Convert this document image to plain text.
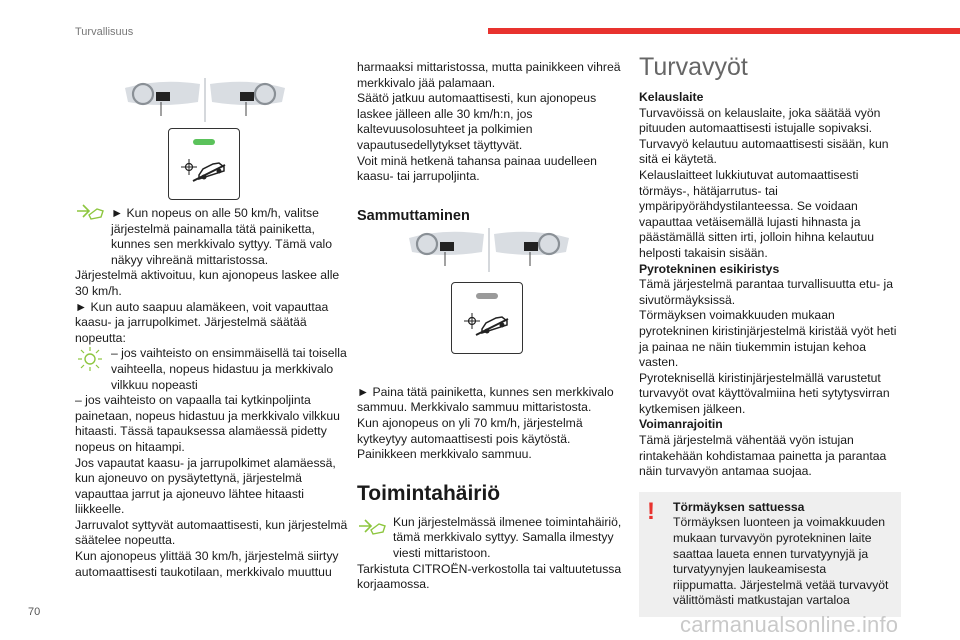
Turvallisuus
► Kun nopeus on alle 50 km/h, valitse järjestelmä painamalla tätä painiketta, kunnes sen merkkivalo syttyy. Tämä valo näkyy vihreänä mittaristossa.
Järjestelmä aktivoituu, kun ajonopeus laskee alle 30 km/h.
► Kun auto saapuu alamäkeen, voit vapauttaa kaasu- ja jarrupolkimet. Järjestelmä säätää nopeutta:
– jos vaihteisto on ensimmäisellä tai toisella vaihteella, nopeus hidastuu ja merkkivalo vilkkuu nopeasti
– jos vaihteisto on vapaalla tai kytkinpoljinta painetaan, nopeus hidastuu ja merkkivalo vilkkuu hitaasti. Tässä tapauksessa alamäessä pidetty nopeus on hitaampi.
Jos vapautat kaasu- ja jarrupolkimet alamäessä, kun ajoneuvo on pysäytettynä, järjestelmä vapauttaa jarrut ja ajoneuvo lähtee hitaasti liikkeelle.
Jarruvalot syttyvät automaattisesti, kun järjestelmä säätelee nopeutta.
Kun ajonopeus ylittää 30 km/h, järjestelmä siirtyy automaattisesti taukotilaan, merkkivalo muuttuu
harmaaksi mittaristossa, mutta painikkeen vihreä merkkivalo jää palamaan.
Säätö jatkuu automaattisesti, kun ajonopeus laskee jälleen alle 30 km/h:n, jos kaltevuusolosuhteet ja polkimien vapautusedellytykset täyttyvät.
Voit minä hetkenä tahansa painaa uudelleen kaasu- tai jarrupoljinta.
Sammuttaminen
► Paina tätä painiketta, kunnes sen merkkivalo sammuu. Merkkivalo sammuu mittaristosta.
Kun ajonopeus on yli 70 km/h, järjestelmä kytkeytyy automaattisesti pois käytöstä. Painikkeen merkkivalo sammuu.
Toimintahäiriö
Kun järjestelmässä ilmenee toimintahäiriö, tämä merkkivalo syttyy. Samalla ilmestyy viesti mittaristoon.
Tarkistuta CITROËN-verkostolla tai valtuutetussa korjaamossa.
Turvavyöt
Kelauslaite
Turvavöissä on kelauslaite, joka säätää vyön pituuden automaattisesti istujalle sopivaksi. Turvavyö kelautuu automaattisesti sisään, kun sitä ei käytetä.
Kelauslaitteet lukkiutuvat automaattisesti törmäys-, hätäjarrutus- tai ympäripyörähdystilanteessa. Se voidaan vapauttaa vetäisemällä lujasti hihnasta ja päästämällä sitten irti, jolloin hihna kelautuu helposti takaisin sisään.
Pyrotekninen esikiristys
Tämä järjestelmä parantaa turvallisuutta etu- ja sivutörmäyksissä.
Törmäyksen voimakkuuden mukaan pyrotekninen kiristinjärjestelmä kiristää vyöt heti ja painaa ne näin tiukemmin istujan kehoa vasten.
Pyroteknisellä kiristinjärjestelmällä varustetut turvavyöt ovat käyttövalmiina heti sytytysvirran kytkemisen jälkeen.
Voimanrajoitin
Tämä järjestelmä vähentää vyön istujan rintakehään kohdistamaa painetta ja parantaa näin turvavyön antamaa suojaa.
!	Törmäyksen sattuessa
Törmäyksen luonteen ja voimakkuuden mukaan turvavyön pyrotekninen laite saattaa laueta ennen turvatyynyjä ja turvatyynyjen laukeamisesta riippumatta. Järjestelmä vetää turvavyöt välittömästi matkustajan vartaloa
70	carmanualsonline.info
